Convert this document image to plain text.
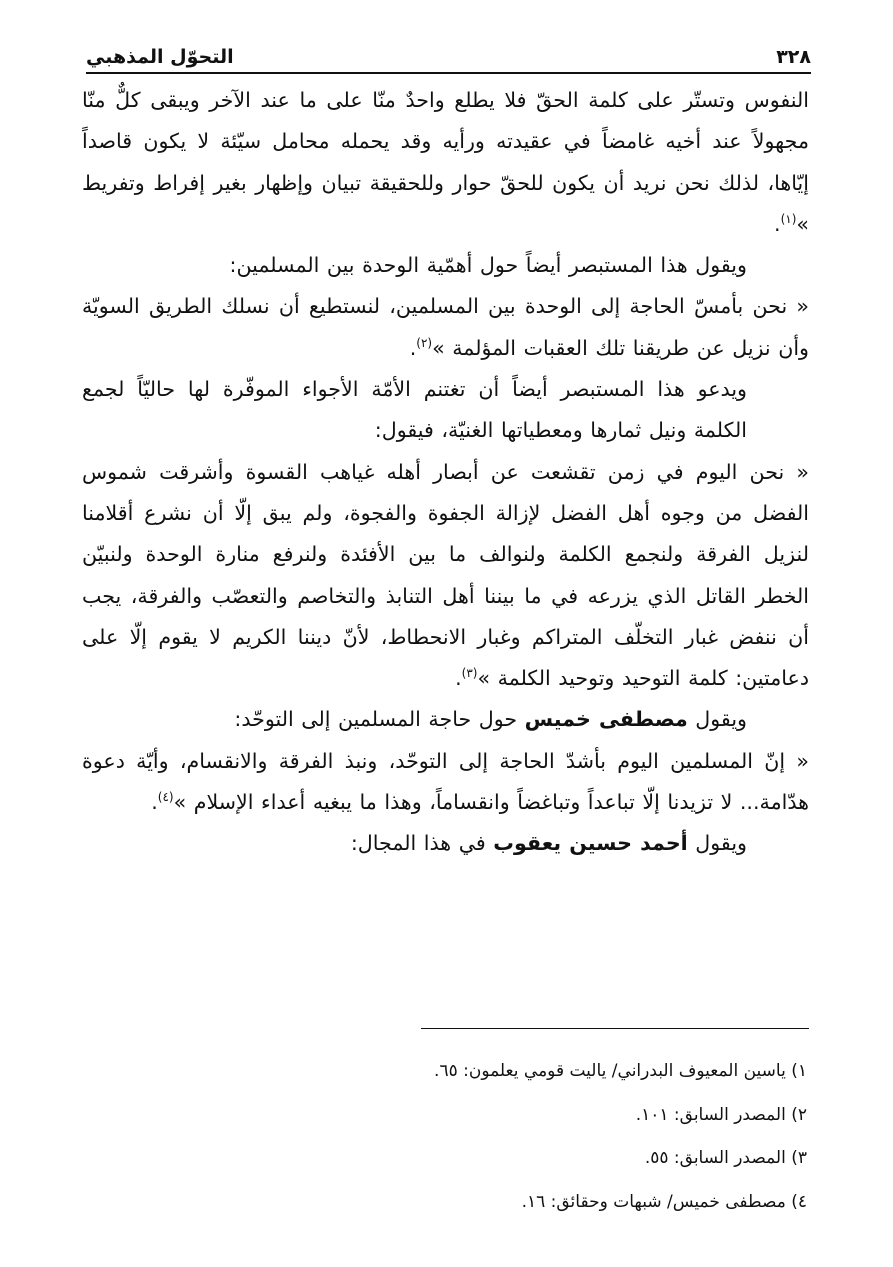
٣٢٨
التحوّل المذهبي

النفوس وتستّر على كلمة الحقّ فلا يطلع واحدٌ منّا على ما عند الآخر ويبقى كلٌّ منّا مجهولاً عند أخيه غامضاً في عقيدته ورأيه وقد يحمله محامل سيّئة لا يكون قاصداً إيّاها، لذلك نحن نريد أن يكون للحقّ حوار وللحقيقة تبيان وإظهار بغير إفراط وتفريط »$^{(١)}$.

ويقول هذا المستبصر أيضاً حول أهمّية الوحدة بين المسلمين:

« نحن بأمسّ الحاجة إلى الوحدة بين المسلمين، لنستطيع أن نسلك الطريق السويّة وأن نزيل عن طريقنا تلك العقبات المؤلمة »$^{(٢)}$.

ويدعو هذا المستبصر أيضاً أن تغتنم الأمّة الأجواء الموفّرة لها حاليّاً لجمع الكلمة ونيل ثمارها ومعطياتها الغنيّة، فيقول:

« نحن اليوم في زمن تقشعت عن أبصار أهله غياهب القسوة وأشرقت شموس الفضل من وجوه أهل الفضل لإزالة الجفوة والفجوة، ولم يبق إلّا أن نشرع أقلامنا لنزيل الفرقة ولنجمع الكلمة ولنوالف ما بين الأفئدة ولنرفع منارة الوحدة ولنبيّن الخطر القاتل الذي يزرعه في ما بيننا أهل التنابذ والتخاصم والتعصّب والفرقة، يجب أن ننفض غبار التخلّف المتراكم وغبار الانحطاط، لأنّ ديننا الكريم لا يقوم إلّا على دعامتين: كلمة التوحيد وتوحيد الكلمة »$^{(٣)}$.

ويقول مصطفى خميس حول حاجة المسلمين إلى التوحّد:

« إنّ المسلمين اليوم بأشدّ الحاجة إلى التوحّد، ونبذ الفرقة والانقسام، وأيّة دعوة هدّامة... لا تزيدنا إلّا تباعداً وتباغضاً وانقساماً، وهذا ما يبغيه أعداء الإسلام »$^{(٤)}$.

ويقول أحمد حسين يعقوب في هذا المجال:

١) ياسين المعيوف البدراني/ ياليت قومي يعلمون: ٦٥.
٢) المصدر السابق: ١٠١.
٣) المصدر السابق: ٥٥.
٤) مصطفى خميس/ شبهات وحقائق: ١٦.
